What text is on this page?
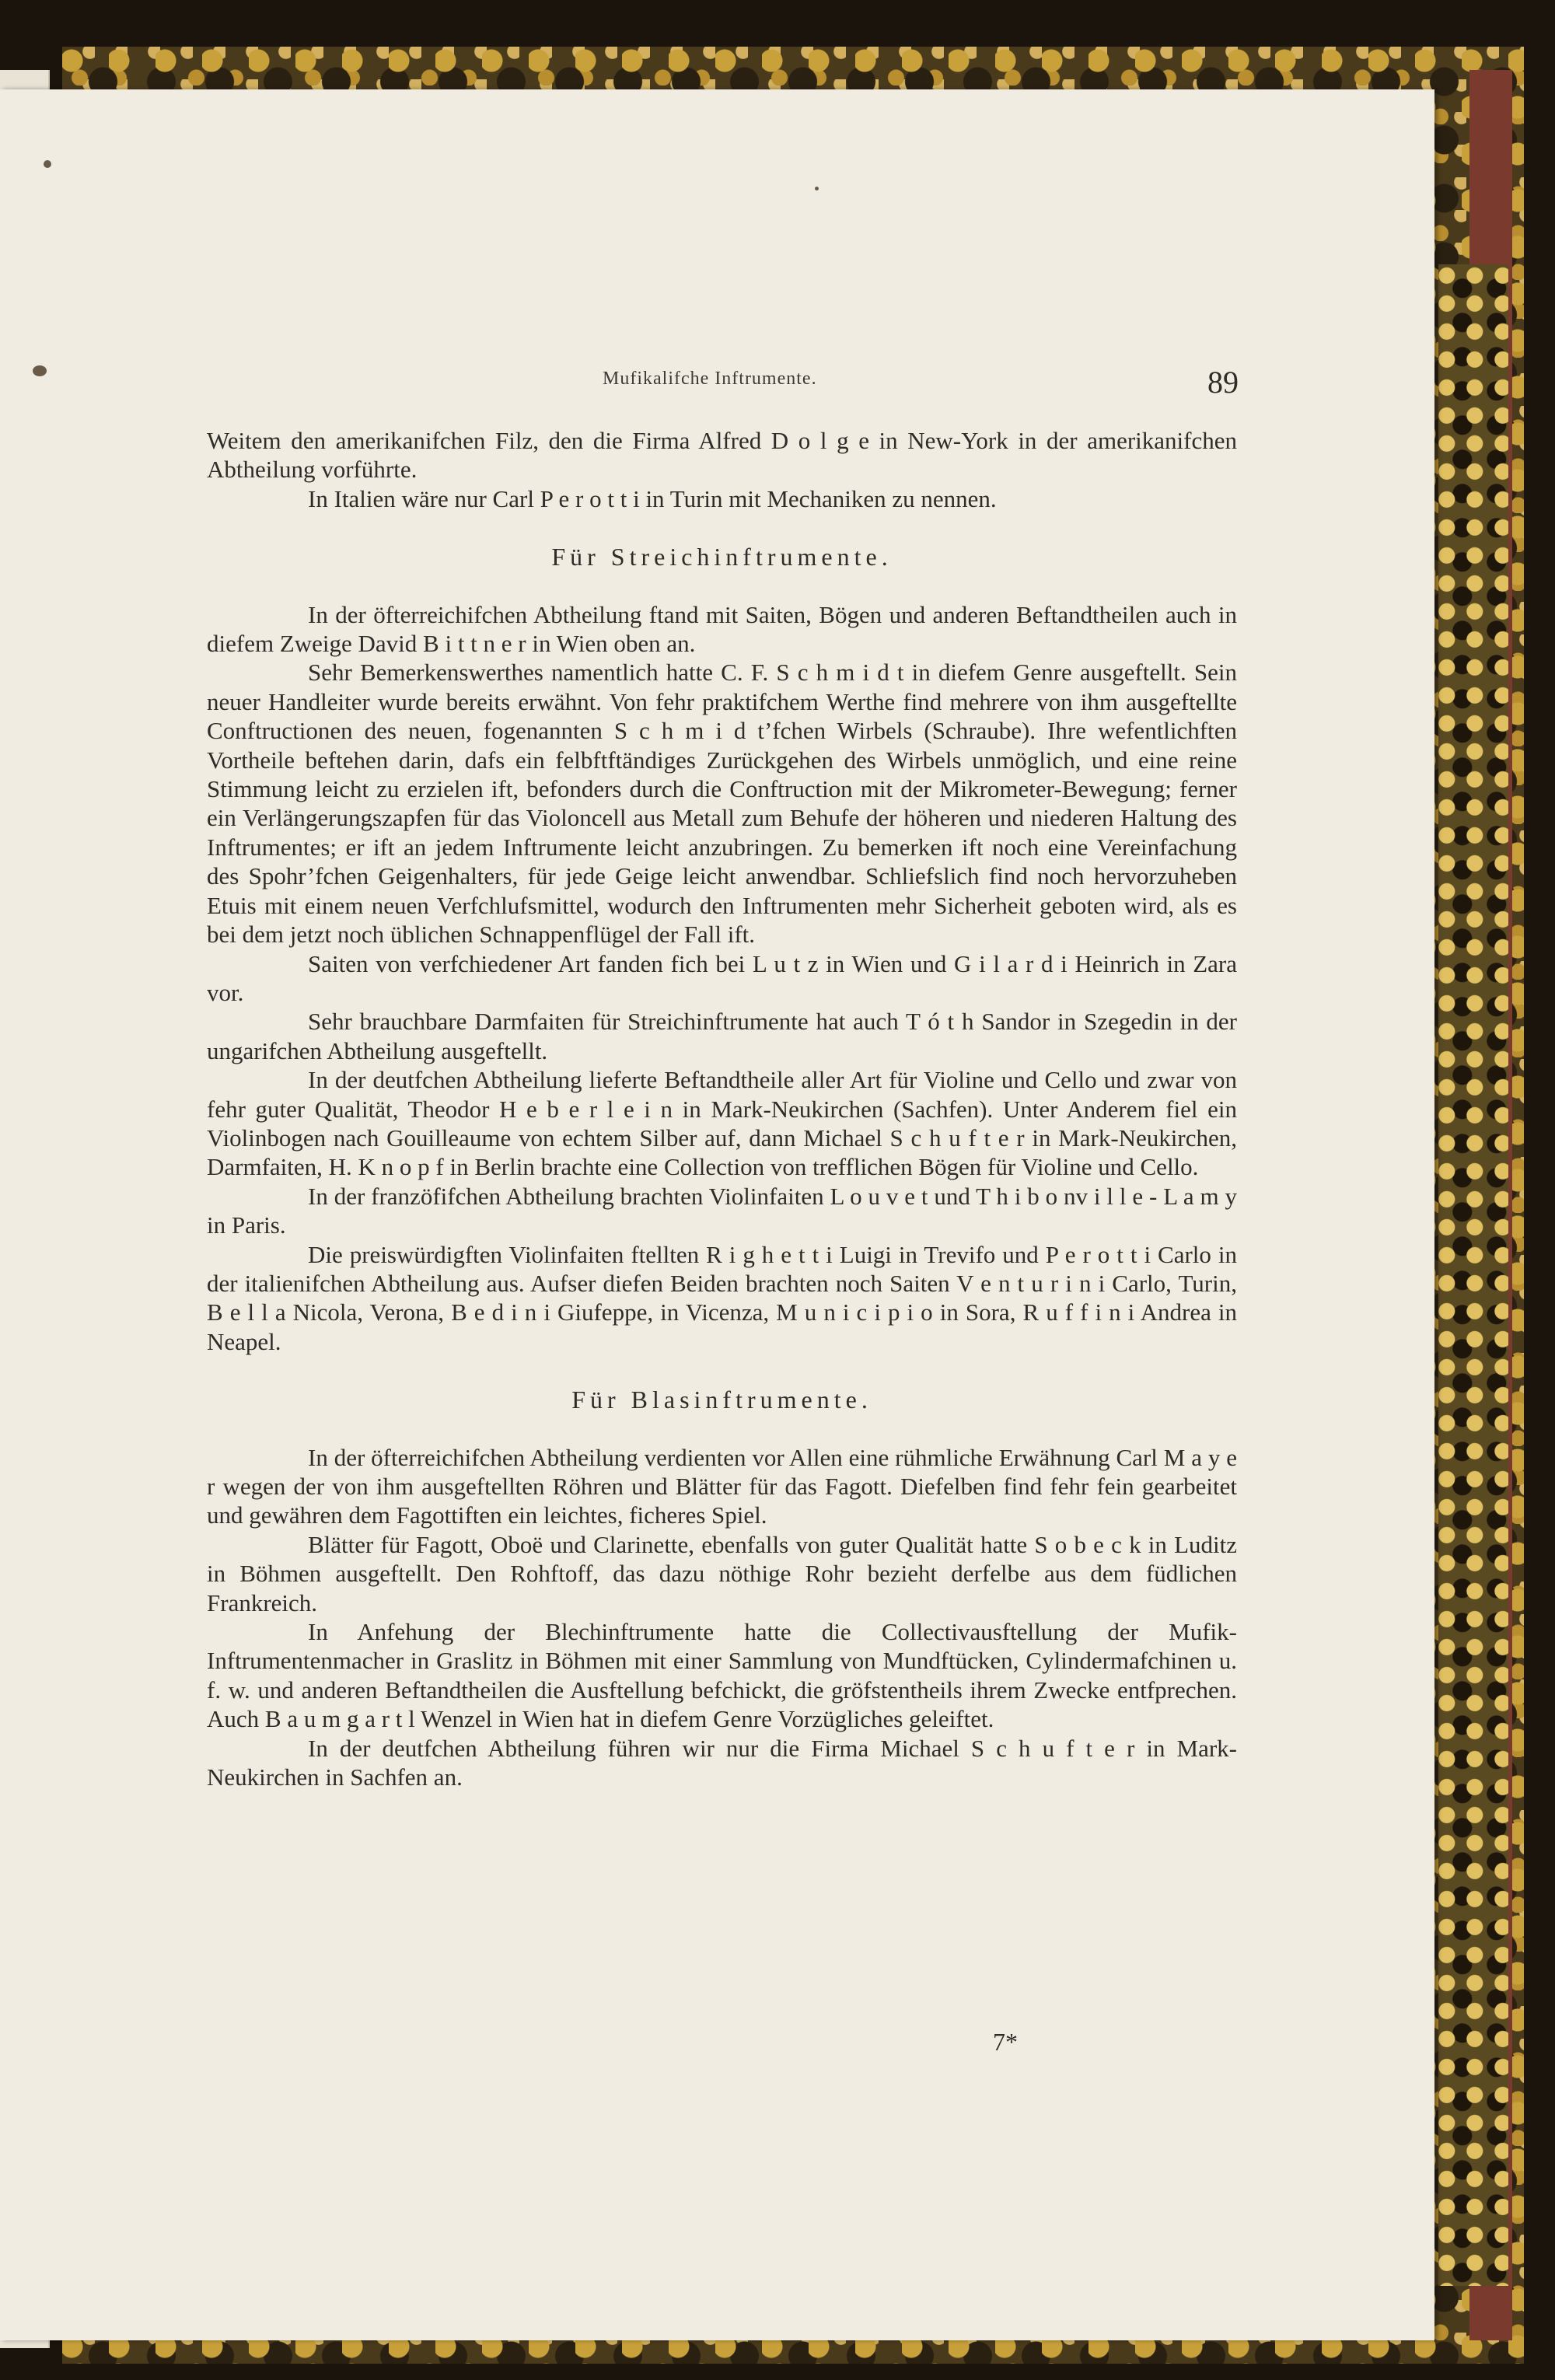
Mufikalifche Inftrumente.	89

Weitem den amerikanifchen Filz, den die Firma Alfred D o l g e in New-York in der amerikanifchen Abtheilung vorführte.

In Italien wäre nur Carl P e r o t t i in Turin mit Mechaniken zu nennen.

Für Streichinftrumente.

In der öfterreichifchen Abtheilung ftand mit Saiten, Bögen und anderen Beftandtheilen auch in diefem Zweige David B i t t n e r in Wien oben an.

Sehr Bemerkenswerthes namentlich hatte C. F. S c h m i d t in diefem Genre ausgeftellt. Sein neuer Handleiter wurde bereits erwähnt. Von fehr praktifchem Werthe find mehrere von ihm ausgeftellte Conftructionen des neuen, fogenannten S c h m i d t’fchen Wirbels (Schraube). Ihre wefentlichften Vortheile beftehen darin, dafs ein felbftftändiges Zurückgehen des Wirbels unmöglich, und eine reine Stimmung leicht zu erzielen ift, befonders durch die Conftruction mit der Mikrometer-Bewegung; ferner ein Verlängerungszapfen für das Violoncell aus Metall zum Behufe der höheren und niederen Haltung des Inftrumentes; er ift an jedem Inftrumente leicht anzubringen. Zu bemerken ift noch eine Vereinfachung des Spohr’fchen Geigenhalters, für jede Geige leicht anwendbar. Schliefslich find noch hervorzuheben Etuis mit einem neuen Verfchlufsmittel, wodurch den Inftrumenten mehr Sicherheit geboten wird, als es bei dem jetzt noch üblichen Schnappenflügel der Fall ift.

Saiten von verfchiedener Art fanden fich bei L u t z in Wien und G i l a r d i Heinrich in Zara vor.

Sehr brauchbare Darmfaiten für Streichinftrumente hat auch T ó t h Sandor in Szegedin in der ungarifchen Abtheilung ausgeftellt.

In der deutfchen Abtheilung lieferte Beftandtheile aller Art für Violine und Cello und zwar von fehr guter Qualität, Theodor H e b e r l e i n in Mark-Neukirchen (Sachfen). Unter Anderem fiel ein Violinbogen nach Gouilleaume von echtem Silber auf, dann Michael S c h u f t e r in Mark-Neukirchen, Darmfaiten, H. K n o p f in Berlin brachte eine Collection von trefflichen Bögen für Violine und Cello.

In der franzöfifchen Abtheilung brachten Violinfaiten L o u v e t und T h i b o nv i l l e - L a m y in Paris.

Die preiswürdigften Violinfaiten ftellten R i g h e t t i Luigi in Trevifo und P e r o t t i Carlo in der italienifchen Abtheilung aus. Aufser diefen Beiden brachten noch Saiten V e n t u r i n i Carlo, Turin, B e l l a Nicola, Verona, B e d i n i Giufeppe, in Vicenza, M u n i c i p i o in Sora, R u f f i n i Andrea in Neapel.

Für Blasinftrumente.

In der öfterreichifchen Abtheilung verdienten vor Allen eine rühmliche Erwähnung Carl M a y e r wegen der von ihm ausgeftellten Röhren und Blätter für das Fagott. Diefelben find fehr fein gearbeitet und gewähren dem Fagottiften ein leichtes, ficheres Spiel.

Blätter für Fagott, Oboë und Clarinette, ebenfalls von guter Qualität hatte S o b e c k in Luditz in Böhmen ausgeftellt. Den Rohftoff, das dazu nöthige Rohr bezieht derfelbe aus dem füdlichen Frankreich.

In Anfehung der Blechinftrumente hatte die Collectivausftellung der Mufik-Inftrumentenmacher in Graslitz in Böhmen mit einer Sammlung von Mundftücken, Cylindermafchinen u. f. w. und anderen Beftandtheilen die Ausftellung befchickt, die gröfstentheils ihrem Zwecke entfprechen. Auch B a u m g a r t l Wenzel in Wien hat in diefem Genre Vorzügliches geleiftet.

In der deutfchen Abtheilung führen wir nur die Firma Michael S c h u f t e r in Mark-Neukirchen in Sachfen an.

7*
